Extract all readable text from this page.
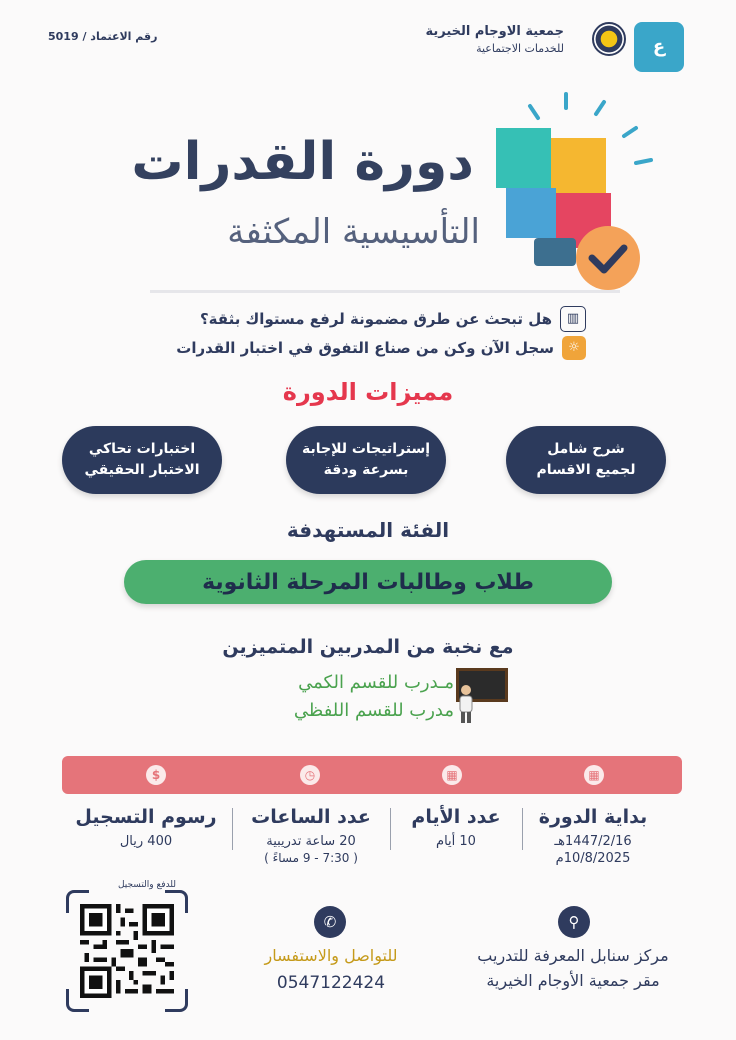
رقم الاعتماد / 5019	ع
جمعية الاوجام الخيرية
للخدمات الاجتماعية
دورة القدرات
التأسيسية المكثفة
▥
هل تبحث عن طرق مضمونة لرفع مستواك بثقة؟
☼
سجل الآن وكن من صناع التفوق في اختبار القدرات
مميزات الدورة
شرح شامل
لجميع الاقسام
إستراتيجات للإجابة
بسرعة ودقة
اختبارات تحاكي
الاختبار الحقيقي
الفئة المستهدفة
طلاب وطالبات المرحلة الثانوية
مع نخبة من المدربين المتميزين
مـدرب للقسم الكمي
مدرب للقسم اللفظي
▦
▦
◷
$
بداية الدورة
1447/2/16هـ
10/8/2025م
عدد الأيام
10 أيام
عدد الساعات
20 ساعة تدريبية
( 7:30 - 9 مساءً )
رسوم التسجيل
400 ريال
⚲
مركز سنابل المعرفة للتدريب
مقر جمعية الأوجام الخيرية
✆
للتواصل والاستفسار
0547122424
للدفع والتسجيل
